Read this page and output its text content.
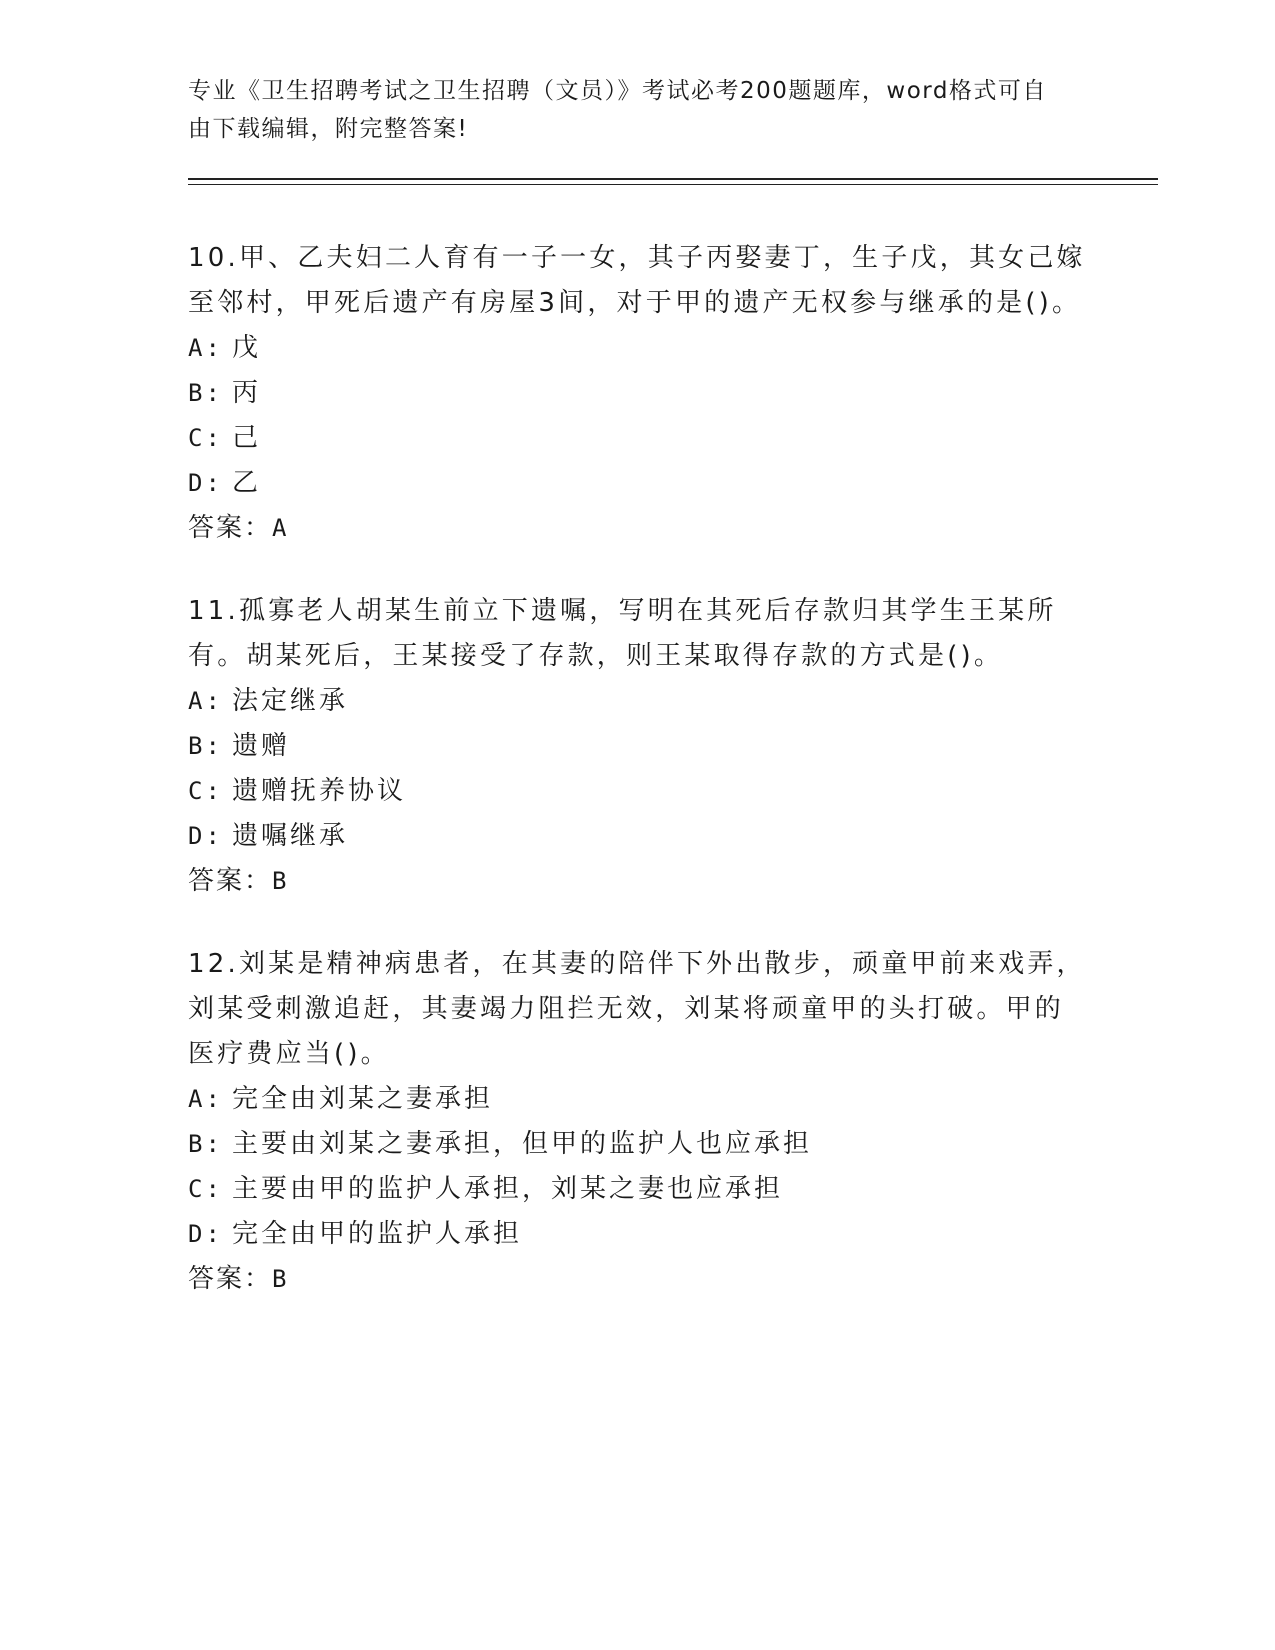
专业《卫生招聘考试之卫生招聘（文员）》考试必考200题题库，word格式可自由下载编辑，附完整答案!

10.甲、乙夫妇二人育有一子一女，其子丙娶妻丁，生子戊，其女己嫁至邻村，甲死后遗产有房屋3间，对于甲的遗产无权参与继承的是()。

A: 戊
B: 丙
C: 己
D: 乙
答案：A

11.孤寡老人胡某生前立下遗嘱，写明在其死后存款归其学生王某所有。胡某死后，王某接受了存款，则王某取得存款的方式是()。

A: 法定继承
B: 遗赠
C: 遗赠抚养协议
D: 遗嘱继承
答案：B

12.刘某是精神病患者，在其妻的陪伴下外出散步，顽童甲前来戏弄，刘某受刺激追赶，其妻竭力阻拦无效，刘某将顽童甲的头打破。甲的医疗费应当()。

A: 完全由刘某之妻承担
B: 主要由刘某之妻承担，但甲的监护人也应承担
C: 主要由甲的监护人承担，刘某之妻也应承担
D: 完全由甲的监护人承担
答案：B
